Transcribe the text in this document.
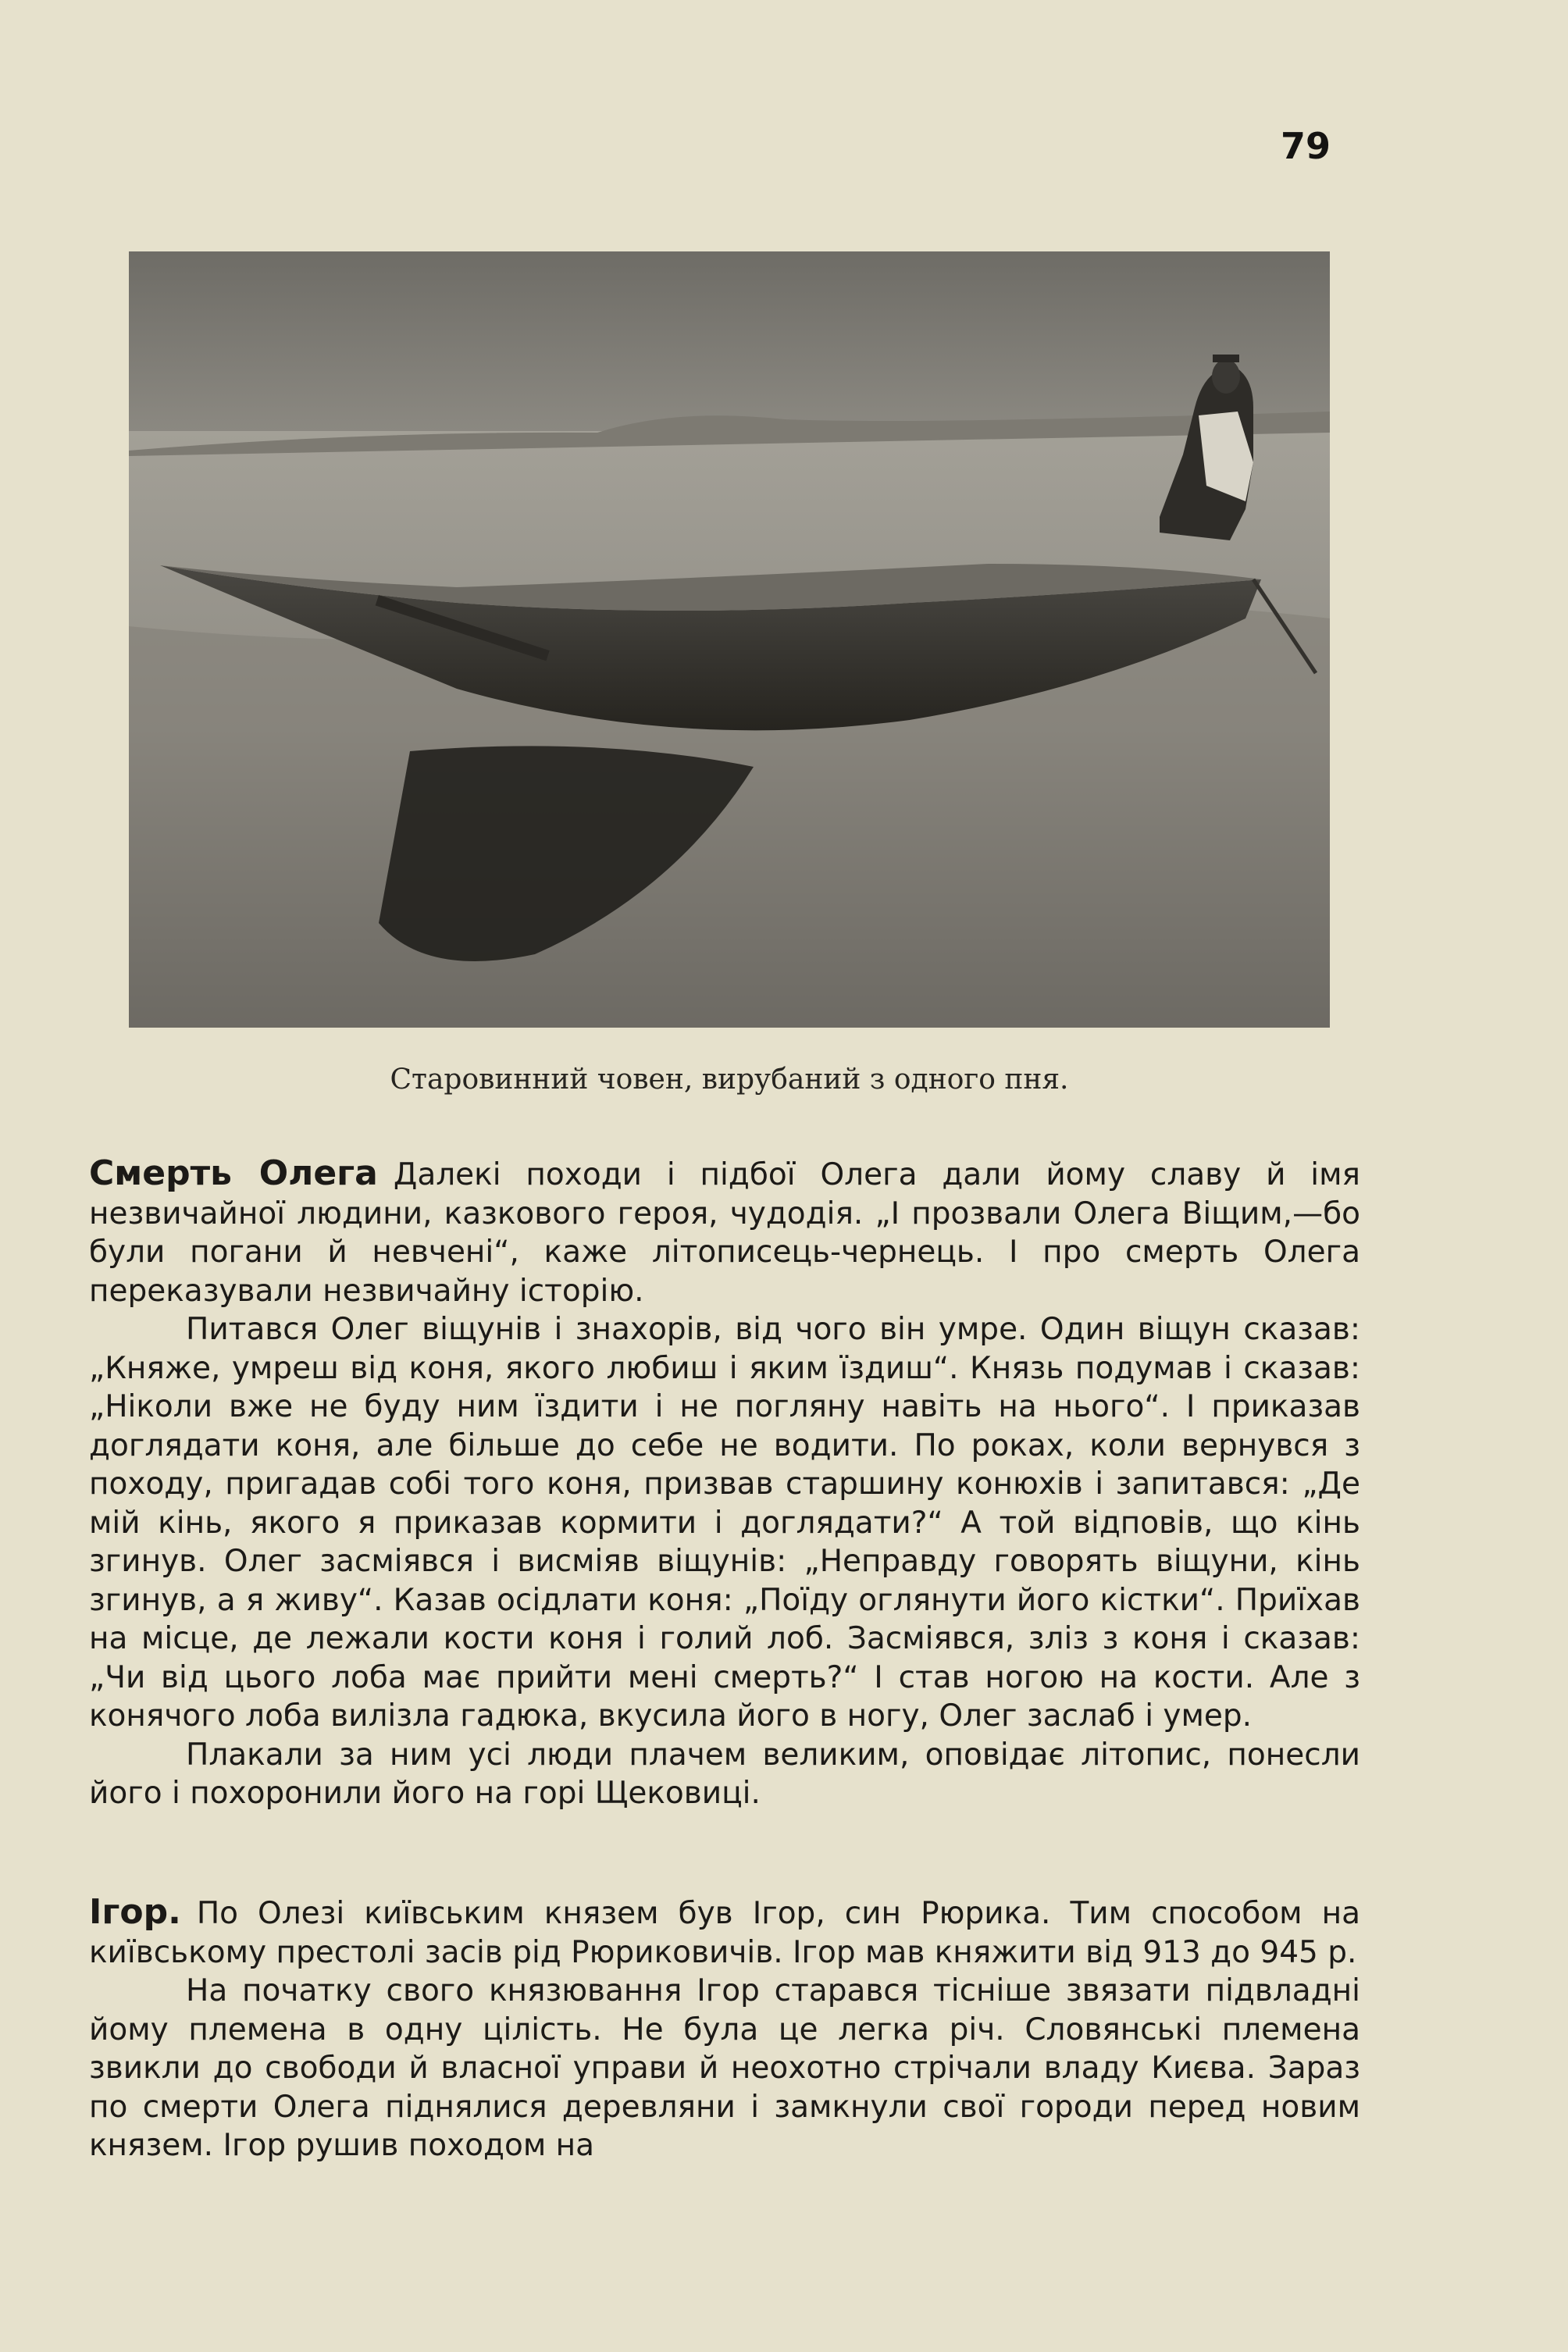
79
Старовинний човен, вирубаний з одного пня.

Смерть Олега Далекі походи і підбої Олега дали йому славу й імя незвичайної людини, казкового героя, чудодія. „І прозвали Олега Віщим,—бо були погани й невчені“, каже літописець-чернець. І про смерть Олега переказували незвичайну історію.

Питався Олег віщунів і знахорів, від чого він умре. Один віщун сказав: „Княже, умреш від коня, якого любиш і яким їздиш“. Князь подумав і сказав: „Ніколи вже не буду ним їздити і не погляну навіть на нього“. І приказав доглядати коня, але більше до себе не водити. По роках, коли вернувся з походу, пригадав собі того коня, призвав старшину конюхів і запитався: „Де мій кінь, якого я приказав кормити і доглядати?“ А той відповів, що кінь згинув. Олег засміявся і висміяв віщунів: „Неправду говорять віщуни, кінь згинув, а я живу“. Казав осідлати коня: „Поїду оглянути його кістки“. Приїхав на місце, де лежали кости коня і голий лоб. Засміявся, зліз з коня і сказав: „Чи від цього лоба має прийти мені смерть?“ І став ногою на кости. Але з конячого лоба вилізла гадюка, вкусила його в ногу, Олег заслаб і умер.

Плакали за ним усі люди плачем великим, оповідає літопис, понесли його і похоронили його на горі Щековиці.

Ігор. По Олезі київським князем був Ігор, син Рюрика. Тим способом на київському престолі засів рід Рюриковичів. Ігор мав княжити від 913 до 945 р.

На початку свого князювання Ігор старався тісніше звязати підвладні йому племена в одну цілість. Не була це легка річ. Словянські племена звикли до свободи й власної управи й неохотно стрічали владу Києва. Зараз по смерти Олега піднялися деревляни і замкнули свої городи перед новим князем. Ігор рушив походом на
